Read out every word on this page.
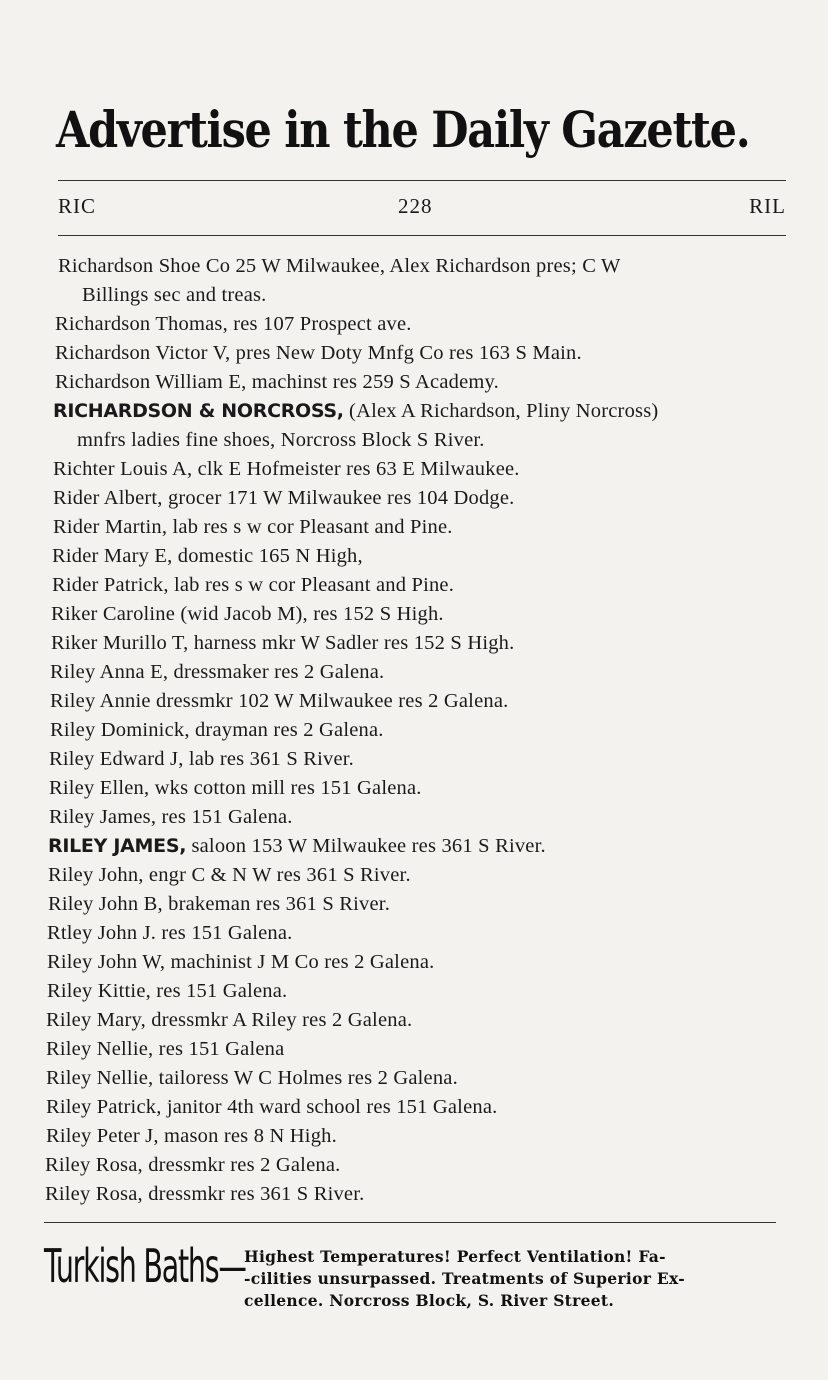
Advertise in the Daily Gazette.
RIC	228	RIL
Richardson Shoe Co 25 W Milwaukee, Alex Richardson pres; C W
Billings sec and treas.
Richardson Thomas, res 107 Prospect ave.
Richardson Victor V, pres New Doty Mnfg Co res 163 S Main.
Richardson William E, machinst res 259 S Academy.
RICHARDSON & NORCROSS, (Alex A Richardson, Pliny Norcross)
mnfrs ladies fine shoes, Norcross Block S River.
Richter Louis A, clk E Hofmeister res 63 E Milwaukee.
Rider Albert, grocer 171 W Milwaukee res 104 Dodge.
Rider Martin, lab res s w cor Pleasant and Pine.
Rider Mary E, domestic 165 N High,
Rider Patrick, lab res s w cor Pleasant and Pine.
Riker Caroline (wid Jacob M), res 152 S High.
Riker Murillo T, harness mkr W Sadler res 152 S High.
Riley Anna E, dressmaker res 2 Galena.
Riley Annie dressmkr 102 W Milwaukee res 2 Galena.
Riley Dominick, drayman res 2 Galena.
Riley Edward J, lab res 361 S River.
Riley Ellen, wks cotton mill res 151 Galena.
Riley James, res 151 Galena.
RILEY JAMES, saloon 153 W Milwaukee res 361 S River.
Riley John, engr C & N W res 361 S River.
Riley John B, brakeman res 361 S River.
Rtley John J. res 151 Galena.
Riley John W, machinist J M Co res 2 Galena.
Riley Kittie, res 151 Galena.
Riley Mary, dressmkr A Riley res 2 Galena.
Riley Nellie, res 151 Galena
Riley Nellie, tailoress W C Holmes res 2 Galena.
Riley Patrick, janitor 4th ward school res 151 Galena.
Riley Peter J, mason res 8 N High.
Riley Rosa, dressmkr res 2 Galena.
Riley Rosa, dressmkr res 361 S River.
Turkish Baths—
Highest Temperatures! Perfect Ventilation! Fa-
-cilities unsurpassed. Treatments of Superior Ex-
cellence. Norcross Block, S. River Street.
